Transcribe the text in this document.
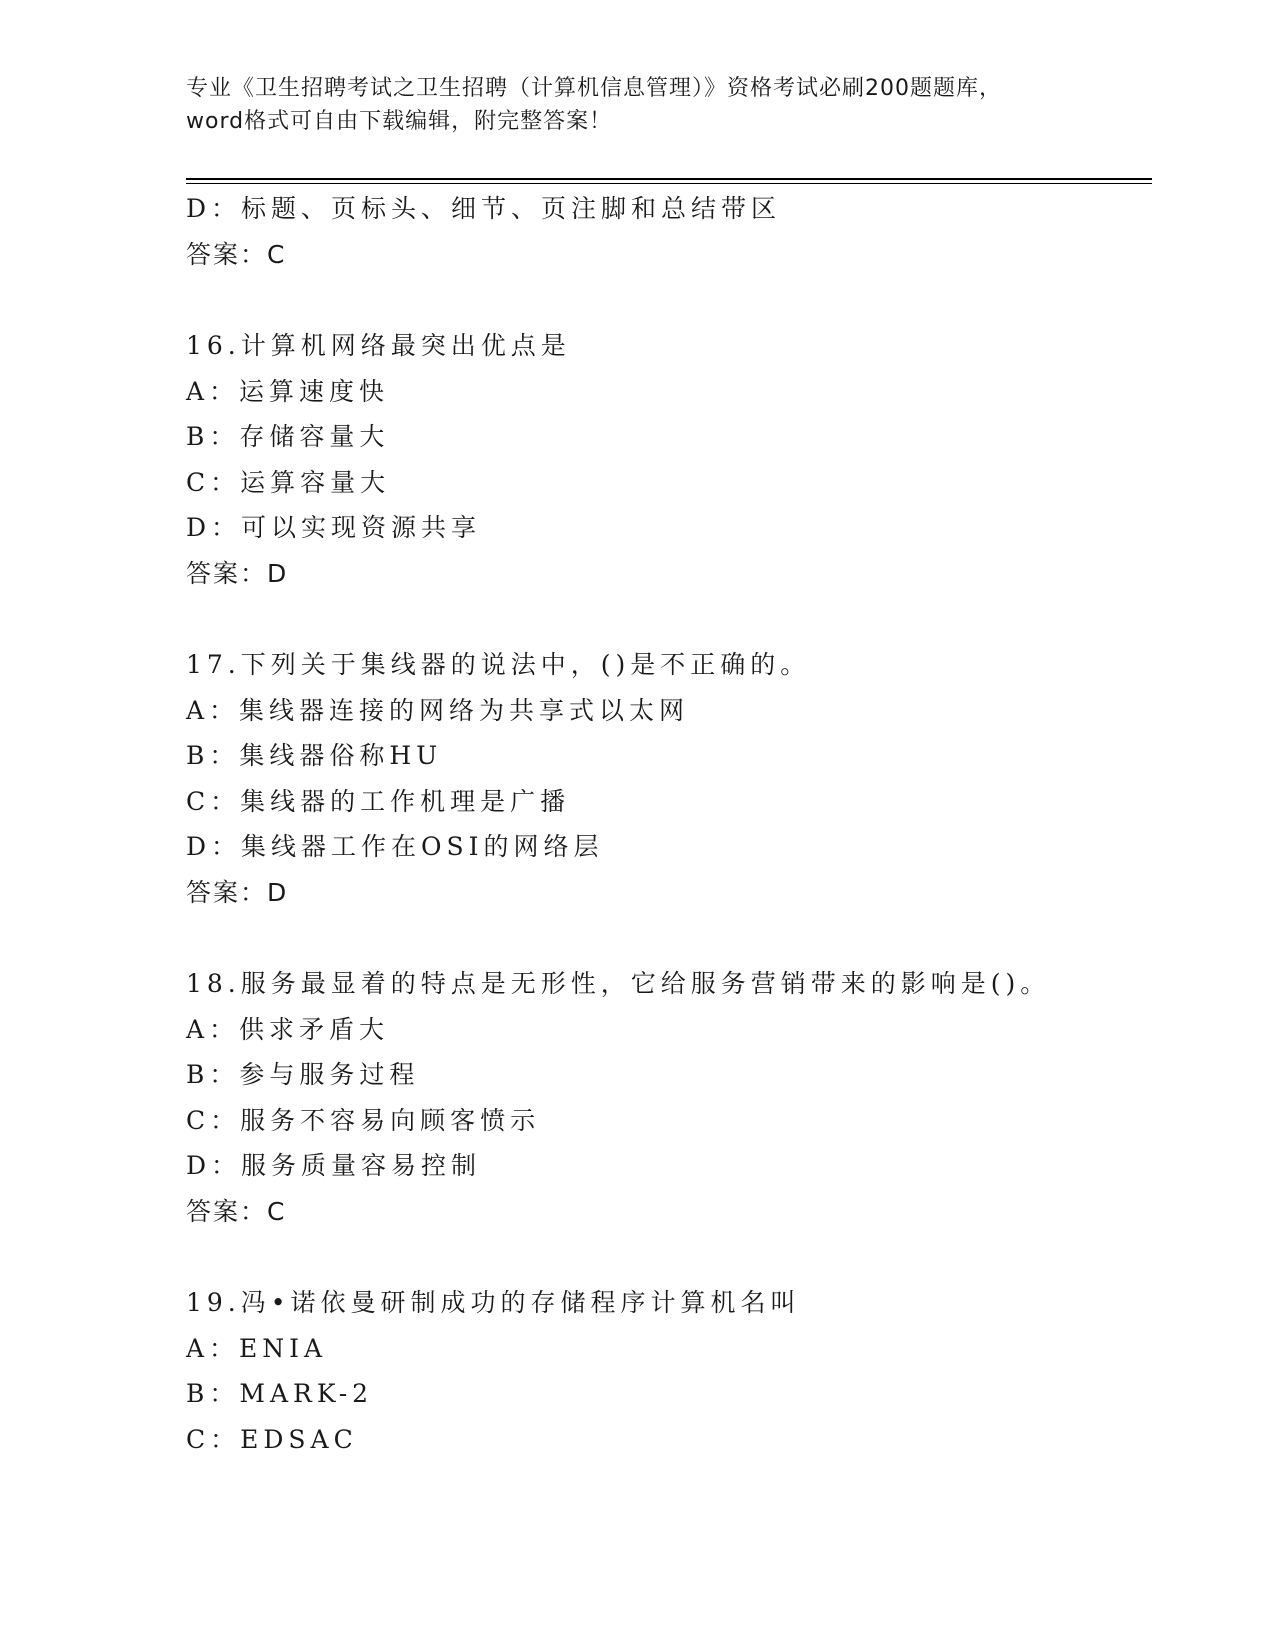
专业《卫生招聘考试之卫生招聘（计算机信息管理）》资格考试必刷200题题库，
word格式可自由下载编辑，附完整答案！
D：标题、页标头、细节、页注脚和总结带区
答案：C
16.计算机网络最突出优点是
A：运算速度快
B：存储容量大
C：运算容量大
D：可以实现资源共享
答案：D
17.下列关于集线器的说法中，()是不正确的。
A：集线器连接的网络为共享式以太网
B：集线器俗称HU
C：集线器的工作机理是广播
D：集线器工作在OSI的网络层
答案：D
18.服务最显着的特点是无形性，它给服务营销带来的影响是()。
A：供求矛盾大
B：参与服务过程
C：服务不容易向顾客愤示
D：服务质量容易控制
答案：C
19.冯•诺依曼研制成功的存储程序计算机名叫
A：ENIA
B：MARK-2
C：EDSAC
